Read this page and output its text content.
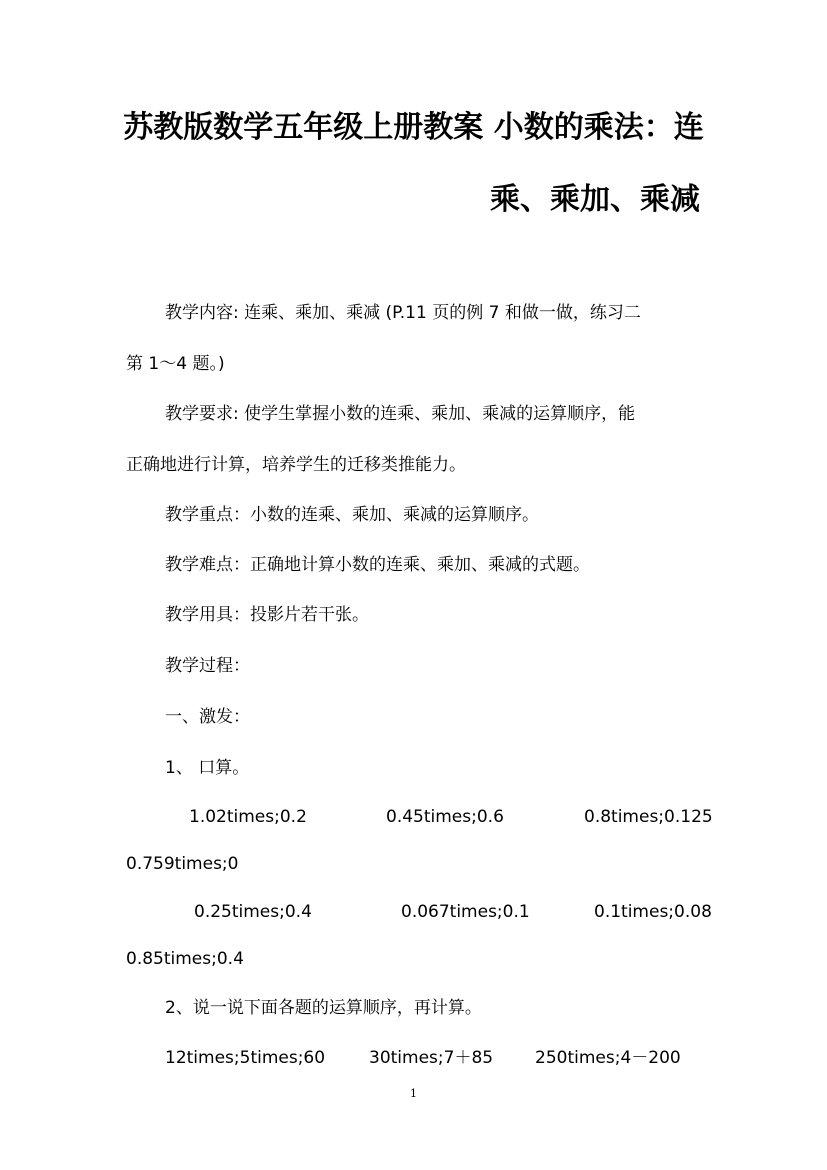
苏教版数学五年级上册教案 小数的乘法：连
乘、乘加、乘减
教学内容: 连乘、乘加、乘减 (P.11 页的例 7 和做一做，练习二
第 1～4 题。)
教学要求: 使学生掌握小数的连乘、乘加、乘减的运算顺序，能
正确地进行计算，培养学生的迁移类推能力。
教学重点：小数的连乘、乘加、乘减的运算顺序。
教学难点：正确地计算小数的连乘、乘加、乘减的式题。
教学用具：投影片若干张。
教学过程：
一、激发：
1、 口算。
1.02times;0.2	0.45times;0.6	0.8times;0.125
0.759times;0
0.25times;0.4	0.067times;0.1	0.1times;0.08
0.85times;0.4
2、说一说下面各题的运算顺序，再计算。
12times;5times;60	30times;7＋85 250times;4－200
1
